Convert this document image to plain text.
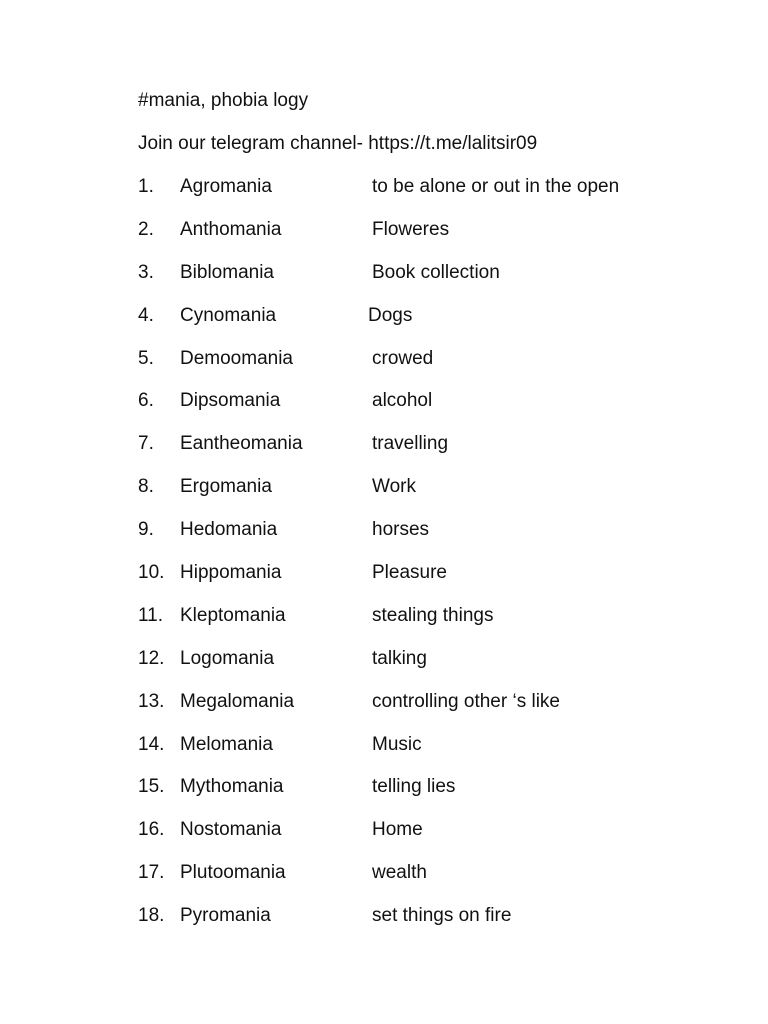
#mania, phobia logy
Join our telegram channel- https://t.me/lalitsir09
1. Agromania	to be alone or out in the open
2. Anthomania	Floweres
3. Biblomania	Book collection
4. Cynomania	Dogs
5. Demoomania	crowed
6. Dipsomania	alcohol
7. Eantheomania	travelling
8. Ergomania	Work
9. Hedomania	horses
10. Hippomania	Pleasure
11. Kleptomania	stealing things
12. Logomania	talking
13. Megalomania	controlling other ‘s like
14. Melomania	Music
15. Mythomania	telling lies
16. Nostomania	Home
17. Plutoomania	wealth
18. Pyromania	set things on fire
